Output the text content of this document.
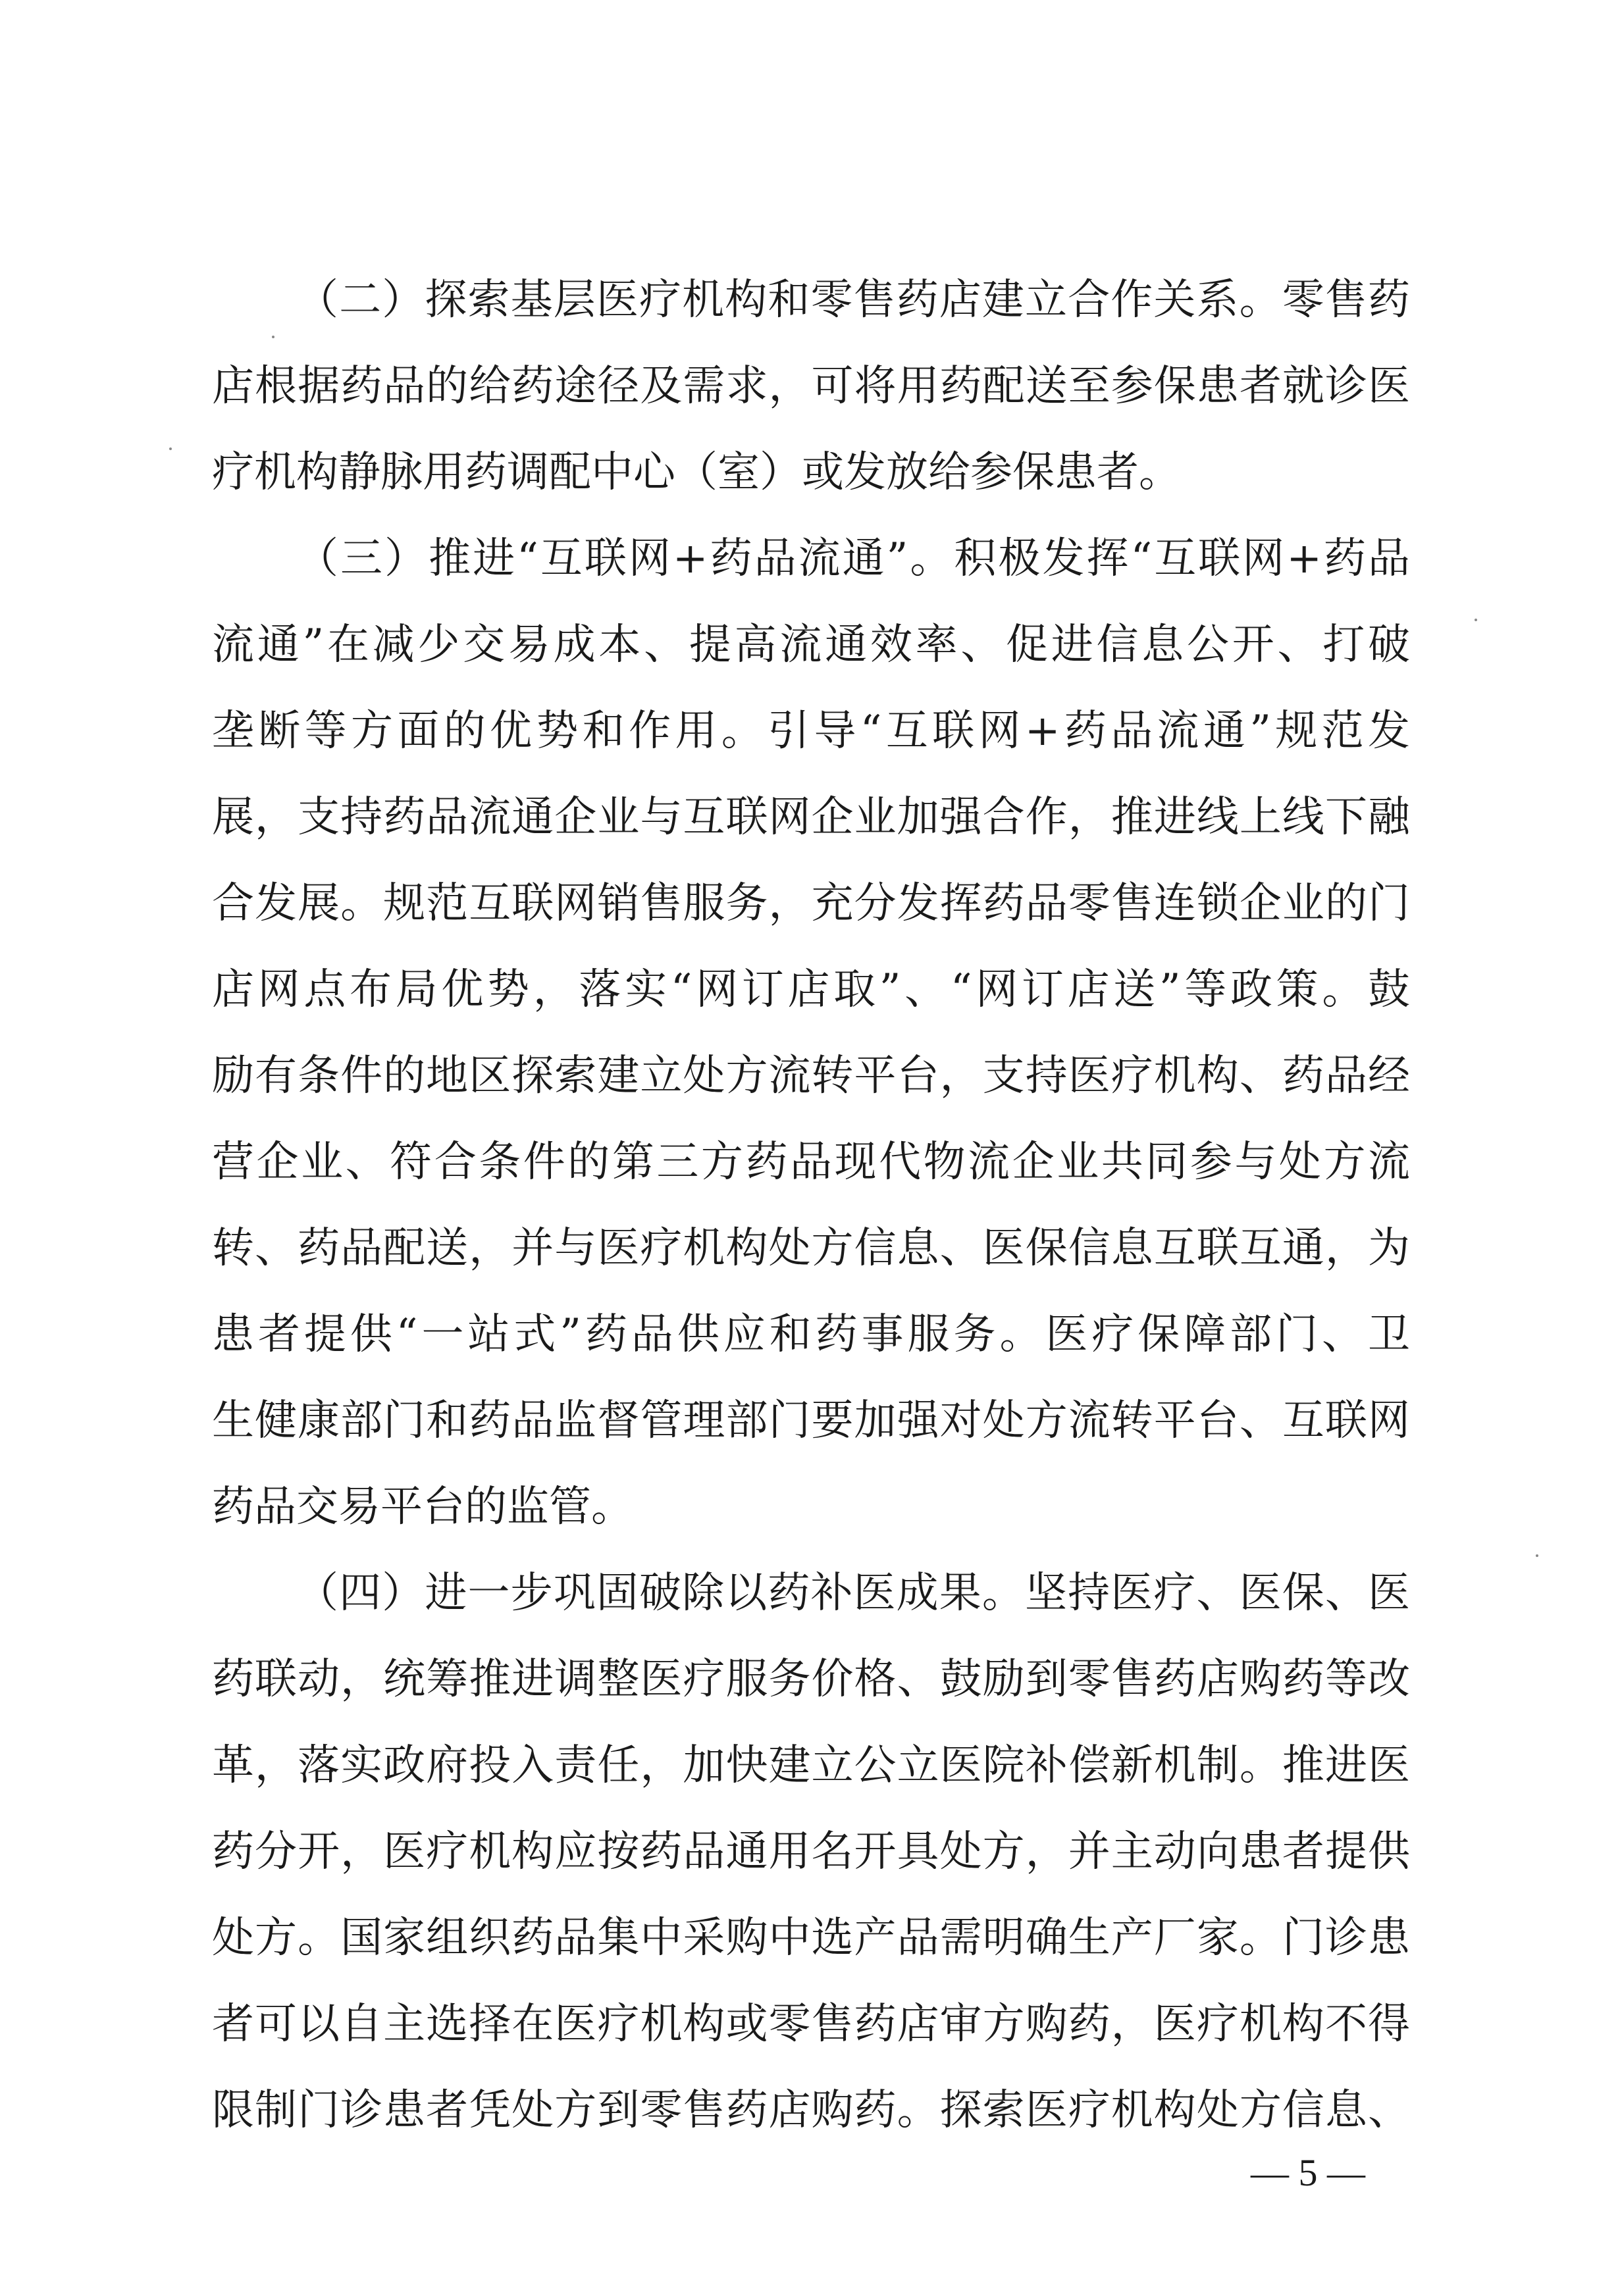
（二）探索基层医疗机构和零售药店建立合作关系。零售药
店根据药品的给药途径及需求，可将用药配送至参保患者就诊医
疗机构静脉用药调配中心（室）或发放给参保患者。
（三）推进“互联网+药品流通”。积极发挥“互联网+药品
流通”在减少交易成本、提高流通效率、促进信息公开、打破
垄断等方面的优势和作用。引导“互联网+药品流通”规范发
展，支持药品流通企业与互联网企业加强合作，推进线上线下融
合发展。规范互联网销售服务，充分发挥药品零售连锁企业的门
店网点布局优势，落实“网订店取”、“网订店送”等政策。鼓
励有条件的地区探索建立处方流转平台，支持医疗机构、药品经
营企业、符合条件的第三方药品现代物流企业共同参与处方流
转、药品配送，并与医疗机构处方信息、医保信息互联互通，为
患者提供“一站式”药品供应和药事服务。医疗保障部门、卫
生健康部门和药品监督管理部门要加强对处方流转平台、互联网
药品交易平台的监管。
（四）进一步巩固破除以药补医成果。坚持医疗、医保、医
药联动，统筹推进调整医疗服务价格、鼓励到零售药店购药等改
革，落实政府投入责任，加快建立公立医院补偿新机制。推进医
药分开，医疗机构应按药品通用名开具处方，并主动向患者提供
处方。国家组织药品集中采购中选产品需明确生产厂家。门诊患
者可以自主选择在医疗机构或零售药店审方购药，医疗机构不得
限制门诊患者凭处方到零售药店购药。探索医疗机构处方信息、
— 5 —
